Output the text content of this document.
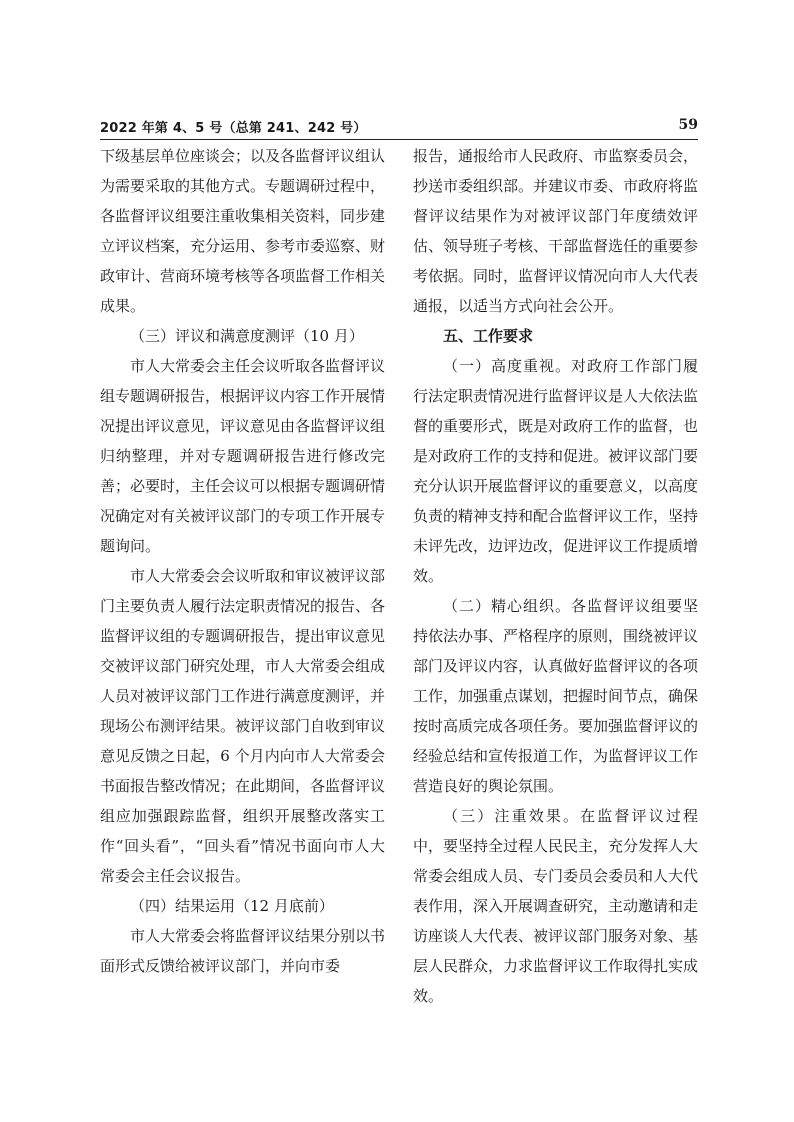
2022 年第 4、5 号（总第 241、242 号）	59

下级基层单位座谈会；以及各监督评议组认为需要采取的其他方式。专题调研过程中，各监督评议组要注重收集相关资料，同步建立评议档案，充分运用、参考市委巡察、财政审计、营商环境考核等各项监督工作相关成果。

（三）评议和满意度测评（10 月）

市人大常委会主任会议听取各监督评议组专题调研报告，根据评议内容工作开展情况提出评议意见，评议意见由各监督评议组归纳整理，并对专题调研报告进行修改完善；必要时，主任会议可以根据专题调研情况确定对有关被评议部门的专项工作开展专题询问。

市人大常委会会议听取和审议被评议部门主要负责人履行法定职责情况的报告、各监督评议组的专题调研报告，提出审议意见交被评议部门研究处理，市人大常委会组成人员对被评议部门工作进行满意度测评，并现场公布测评结果。被评议部门自收到审议意见反馈之日起，6 个月内向市人大常委会书面报告整改情况；在此期间，各监督评议组应加强跟踪监督，组织开展整改落实工作“回头看”，“回头看”情况书面向市人大常委会主任会议报告。

（四）结果运用（12 月底前）

市人大常委会将监督评议结果分别以书面形式反馈给被评议部门，并向市委

报告，通报给市人民政府、市监察委员会，抄送市委组织部。并建议市委、市政府将监督评议结果作为对被评议部门年度绩效评估、领导班子考核、干部监督选任的重要参考依据。同时，监督评议情况向市人大代表通报，以适当方式向社会公开。

五、工作要求

（一）高度重视。对政府工作部门履行法定职责情况进行监督评议是人大依法监督的重要形式，既是对政府工作的监督，也是对政府工作的支持和促进。被评议部门要充分认识开展监督评议的重要意义，以高度负责的精神支持和配合监督评议工作，坚持未评先改，边评边改，促进评议工作提质增效。

（二）精心组织。各监督评议组要坚持依法办事、严格程序的原则，围绕被评议部门及评议内容，认真做好监督评议的各项工作，加强重点谋划，把握时间节点，确保按时高质完成各项任务。要加强监督评议的经验总结和宣传报道工作，为监督评议工作营造良好的舆论氛围。

（三）注重效果。在监督评议过程中，要坚持全过程人民民主，充分发挥人大常委会组成人员、专门委员会委员和人大代表作用，深入开展调查研究，主动邀请和走访座谈人大代表、被评议部门服务对象、基层人民群众，力求监督评议工作取得扎实成效。
